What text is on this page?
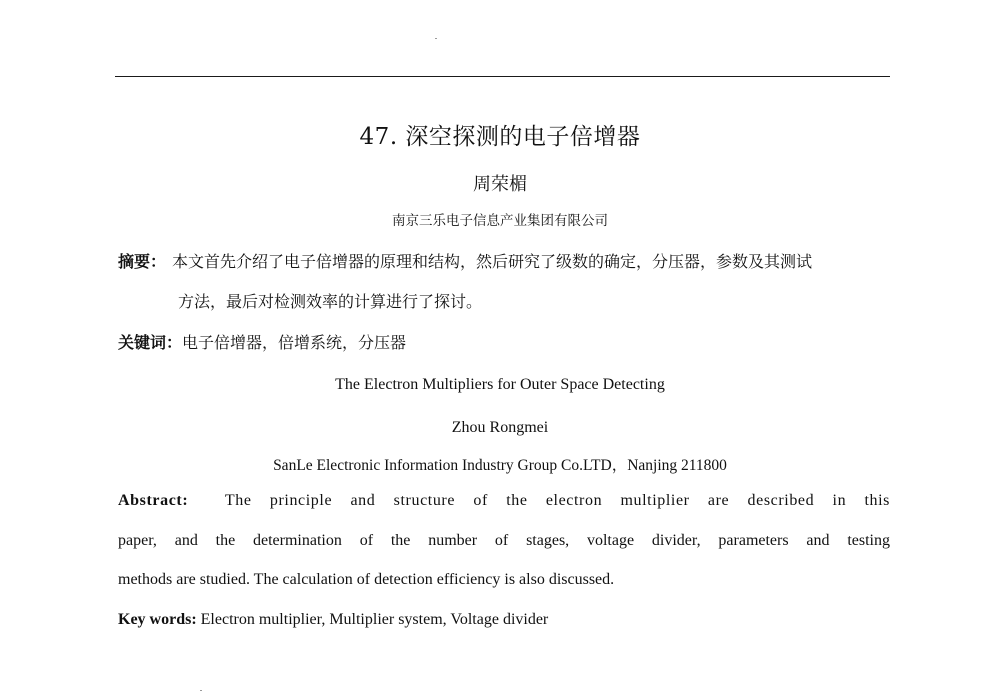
47. 深空探测的电子倍增器
周荣楣
南京三乐电子信息产业集团有限公司
摘要： 本文首先介绍了电子倍增器的原理和结构，然后研究了级数的确定，分压器，参数及其测试
方法，最后对检测效率的计算进行了探讨。
关键词：电子倍增器，倍增系统，分压器
The Electron Multipliers for Outer Space Detecting
Zhou Rongmei
SanLe Electronic Information Industry Group Co.LTD，Nanjing 211800
Abstract: The principle and structure of the electron multiplier are described in this
paper, and the determination of the number of stages, voltage divider, parameters and testing
methods are studied. The calculation of detection efficiency is also discussed.
Key words: Electron multiplier, Multiplier system, Voltage divider
